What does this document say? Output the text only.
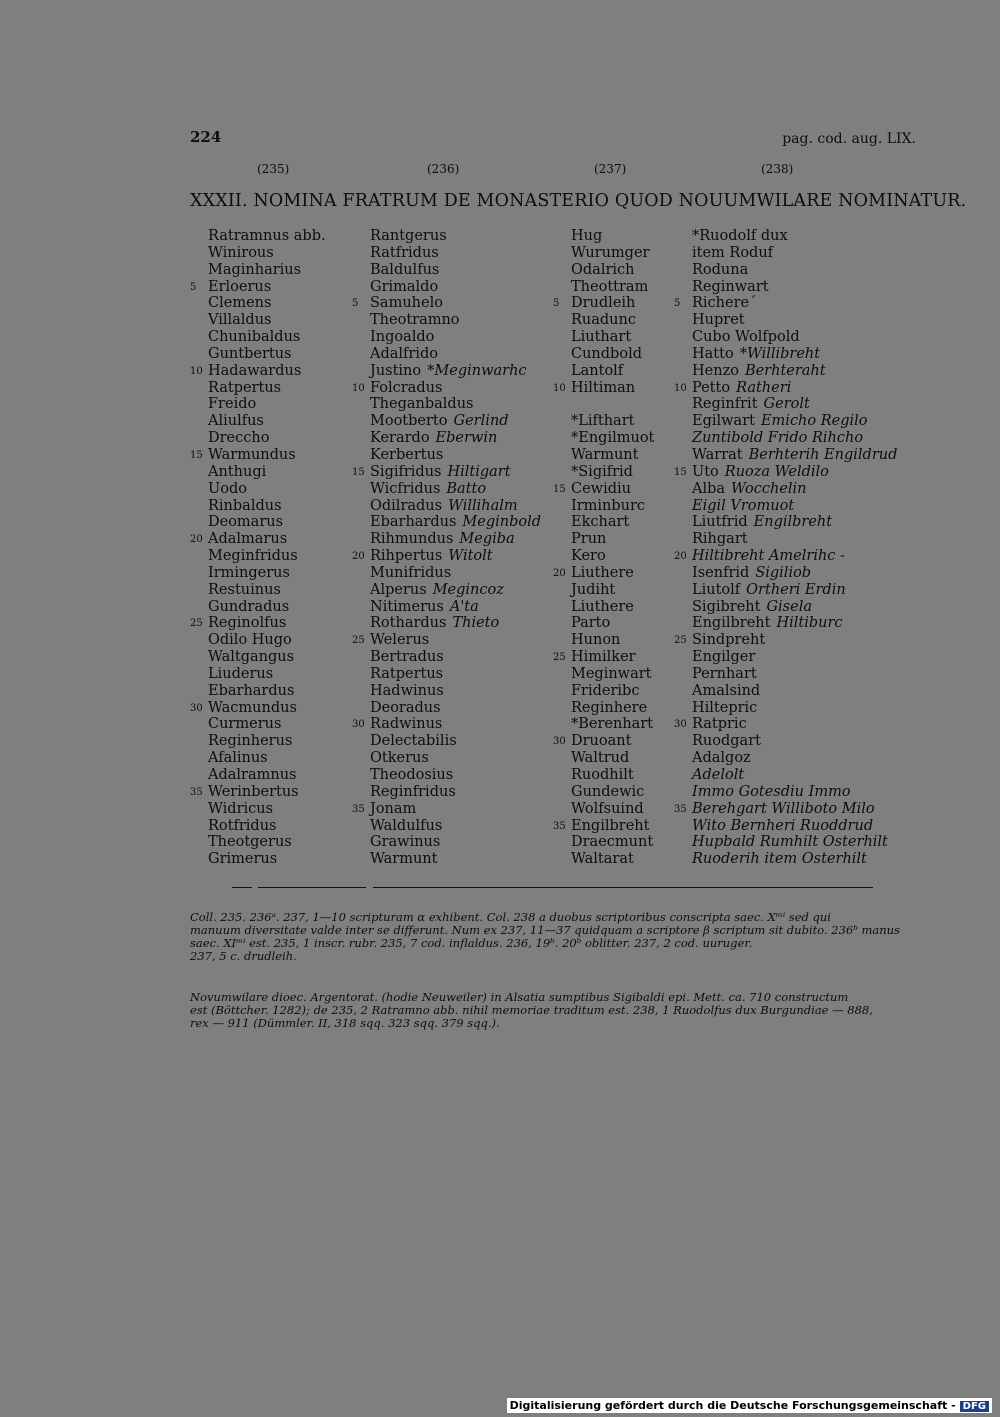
224	pag. cod. aug. LIX.
(235)	(236)	(237)	(238)
XXXII. NOMINA FRATRUM DE MONASTERIO QUOD NOUUMWILARE NOMINATUR.
Ratramnus abb.
Winirous
Maginharius
5 Erloerus
Clemens
Villaldus
Chunibaldus
Guntbertus
10 Hadawardus
Ratpertus
Freido
Aliulfus
Dreccho
15 Warmundus
Anthugi
Uodo
Rinbaldus
Deomarus
20 Adalmarus
Meginfridus
Irmingerus
Restuinus
Gundradus
25 Reginolfus
Odilo Hugo
Waltgangus
Liuderus
Ebarhardus
30 Wacmundus
Curmerus
Reginherus
Afalinus
Adalramnus
35 Werinbertus
Widricus
Rotfridus
Theotgerus
Grimerus
Rantgerus
Ratfridus
Baldulfus
Grimaldo
5 Samuhelo
Theotramno
Ingoaldo
Adalfrido
Justino *Meginwarhc
10 Folcradus
Theganbaldus
Mootberto Gerlind
Kerardo Eberwin
Kerbertus
15 Sigifridus Hiltigart
Wicfridus Batto
Odilradus Willihalm
Ebarhardus Meginbold
Rihmundus Megiba
20 Rihpertus Witolt
Munifridus
Alperus Megincoz
Nitimerus A'ta
Rothardus Thieto
25 Welerus
Bertradus
Ratpertus
Hadwinus
Deoradus
30 Radwinus
Delectabilis
Otkerus
Theodosius
Reginfridus
35 Jonam
Waldulfus
Grawinus
Warmunt
Hug
Wurumger
Odalrich
Theottram
5 Drudleih
Ruadunc
Liuthart
Cundbold
Lantolf
10 Hiltiman
*Lifthart
*Engilmuot
Warmunt
*Sigifrid
15 Cewidiu
Irminburc
Ekchart
Prun
Kero
20 Liuthere
Judiht
Liuthere
Parto
Hunon
25 Himilker
Meginwart
Frideribc
Reginhere
*Berenhart
30 Druoant
Waltrud
Ruodhilt
Gundewic
Wolfsuind
35 Engilbreht
Draecmunt
Waltarat
*Ruodolf dux
item Roduf
Roduna
Reginwart
5 Richere´
Hupret
Cubo Wolfpold
Hatto *Willibreht
Henzo Berhteraht
10 Petto Ratheri
Reginfrit Gerolt
Egilwart Emicho Regilo
Zuntibold Frido Rihcho
Warrat Berhterih Engildrud
15 Uto Ruoza Weldilo
Alba Wocchelin
Eigil Vromuot
Liutfrid Engilbreht
Rihgart
20 Hiltibreht Amelrihc -
Isenfrid Sigiliob
Liutolf Ortheri Erdin
Sigibreht Gisela
Engilbreht Hiltiburc
25 Sindpreht
Engilger
Pernhart
Amalsind
Hiltepric
30 Ratpric
Ruodgart
Adalgoz
Adelolt
Immo Gotesdiu Immo
35 Berehgart Williboto Milo
Wito Bernheri Ruoddrud
Hupbald Rumhilt Osterhilt
Ruoderih item Osterhilt
Coll. 235. 236ᵃ. 237, 1—10 scripturam α exhibent. Col. 238 a duobus scriptoribus conscripta saec. Xᵐⁱ sed qui
manuum diversitate valde inter se differunt. Num ex 237, 11—37 quidquam a scriptore β scriptum sit dubito. 236ᵇ manus
saec. XIᵐⁱ est. 235, 1 inscr. rubr. 235, 7 cod. inflaldus. 236, 19ᵇ. 20ᵇ oblitter. 237, 2 cod. uuruger.
237, 5 c. drudleih.
Novumwilare dioec. Argentorat. (hodie Neuweiler) in Alsatia sumptibus Sigibaldi epi. Mett. ca. 710 constructum
est (Böttcher. 1282); de 235, 2 Ratramno abb. nihil memoriae traditum est. 238, 1 Ruodolfus dux Burgundiae — 888,
rex — 911 (Dümmler. II, 318 sqq. 323 sqq. 379 sqq.).
Digitalisierung gefördert durch die Deutsche Forschungsgemeinschaft - DFG
